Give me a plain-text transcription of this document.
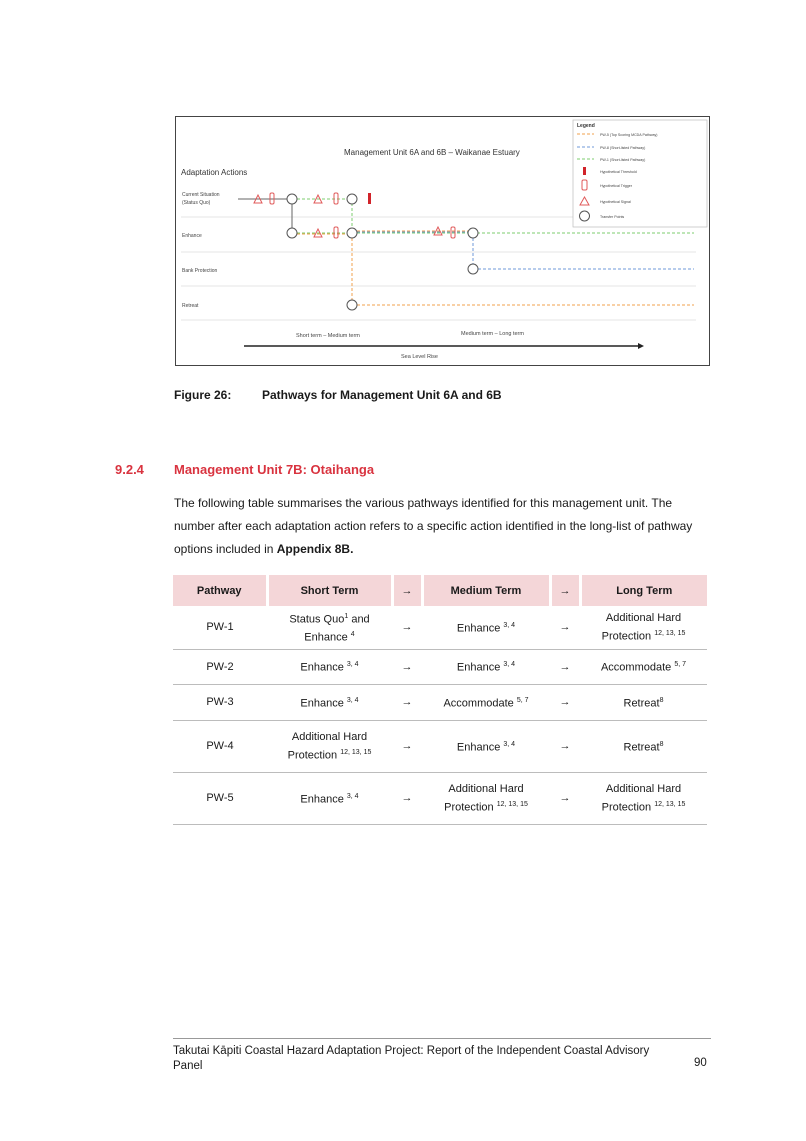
Management Unit 6A and 6B – Waikanae Estuary
Adaptation Actions
Current Situation
(Status Quo)
Enhance
Bank Protection
Retreat
Short term – Medium term	Medium term – Long term
Sea Level Rise
Legend
PW-5 (Top Scoring MCDA Pathway)
PW-8 (Short-listed Pathway)
PW-1 (Short-listed Pathway)
Hypothetical Threshold
Hypothetical Trigger
Hypothetical Signal
Transfer Points
Figure 26:	Pathways for Management Unit 6A and 6B
9.2.4 Management Unit 7B: Otaihanga
The following table summarises the various pathways identified for this management unit. The number after each adaptation action refers to a specific action identified in the long-list of pathway options included in Appendix 8B.
Pathway	Short Term	→	Medium Term	→	Long Term
PW-1	Status Quo$^1$ and Enhance $^4$	→	Enhance $^{3, 4}$	→	Additional Hard Protection $^{12, 13, 15}$
PW-2	Enhance $^{3, 4}$	→	Enhance $^{3, 4}$	→	Accommodate $^{5, 7}$
PW-3	Enhance $^{3, 4}$	→	Accommodate $^{5, 7}$	→	Retreat$^8$
PW-4	Additional Hard Protection $^{12, 13, 15}$	→	Enhance $^{3, 4}$	→	Retreat$^8$
PW-5	Enhance $^{3, 4}$	→	Additional Hard Protection $^{12, 13, 15}$	→	Additional Hard Protection $^{12, 13, 15}$
Takutai Kāpiti Coastal Hazard Adaptation Project: Report of the Independent Coastal Advisory Panel	90
